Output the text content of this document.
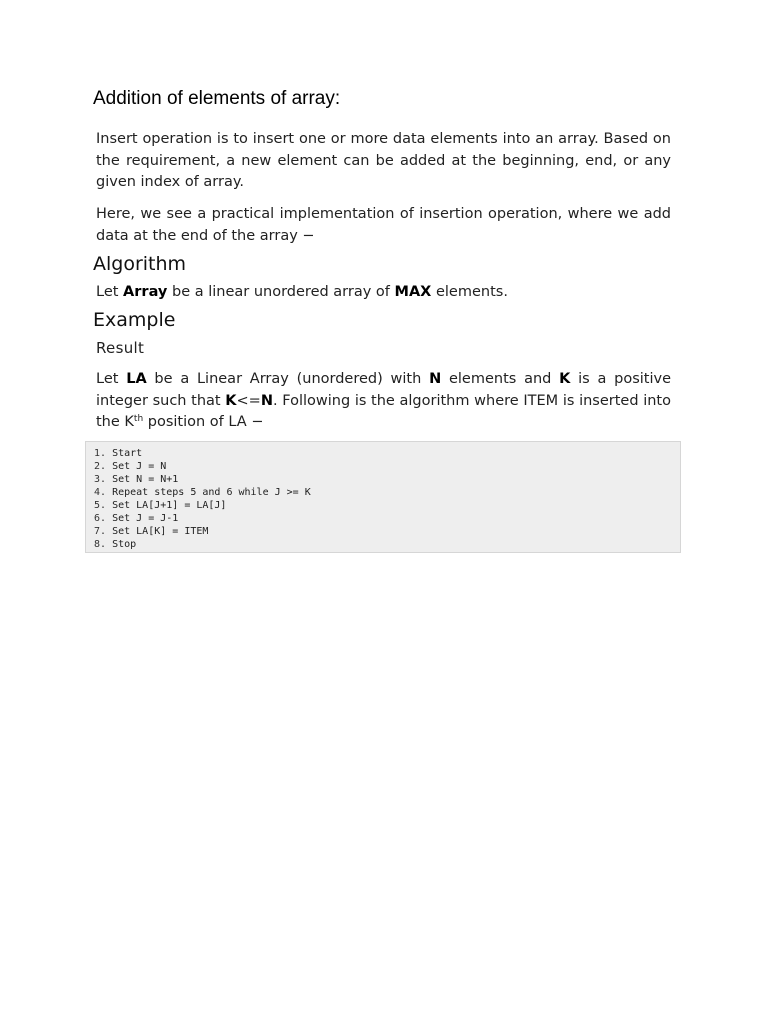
Addition of elements of array:

Insert operation is to insert one or more data elements into an array. Based on the requirement, a new element can be added at the beginning, end, or any given index of array.

Here, we see a practical implementation of insertion operation, where we add data at the end of the array −

Algorithm

Let Array be a linear unordered array of MAX elements.

Example
Result

Let LA be a Linear Array (unordered) with N elements and K is a positive integer such that K<=N. Following is the algorithm where ITEM is inserted into the $K^{th}$ position of LA −

1. Start
2. Set J = N
3. Set N = N+1
4. Repeat steps 5 and 6 while J >= K
5. Set LA[J+1] = LA[J]
6. Set J = J-1
7. Set LA[K] = ITEM
8. Stop
